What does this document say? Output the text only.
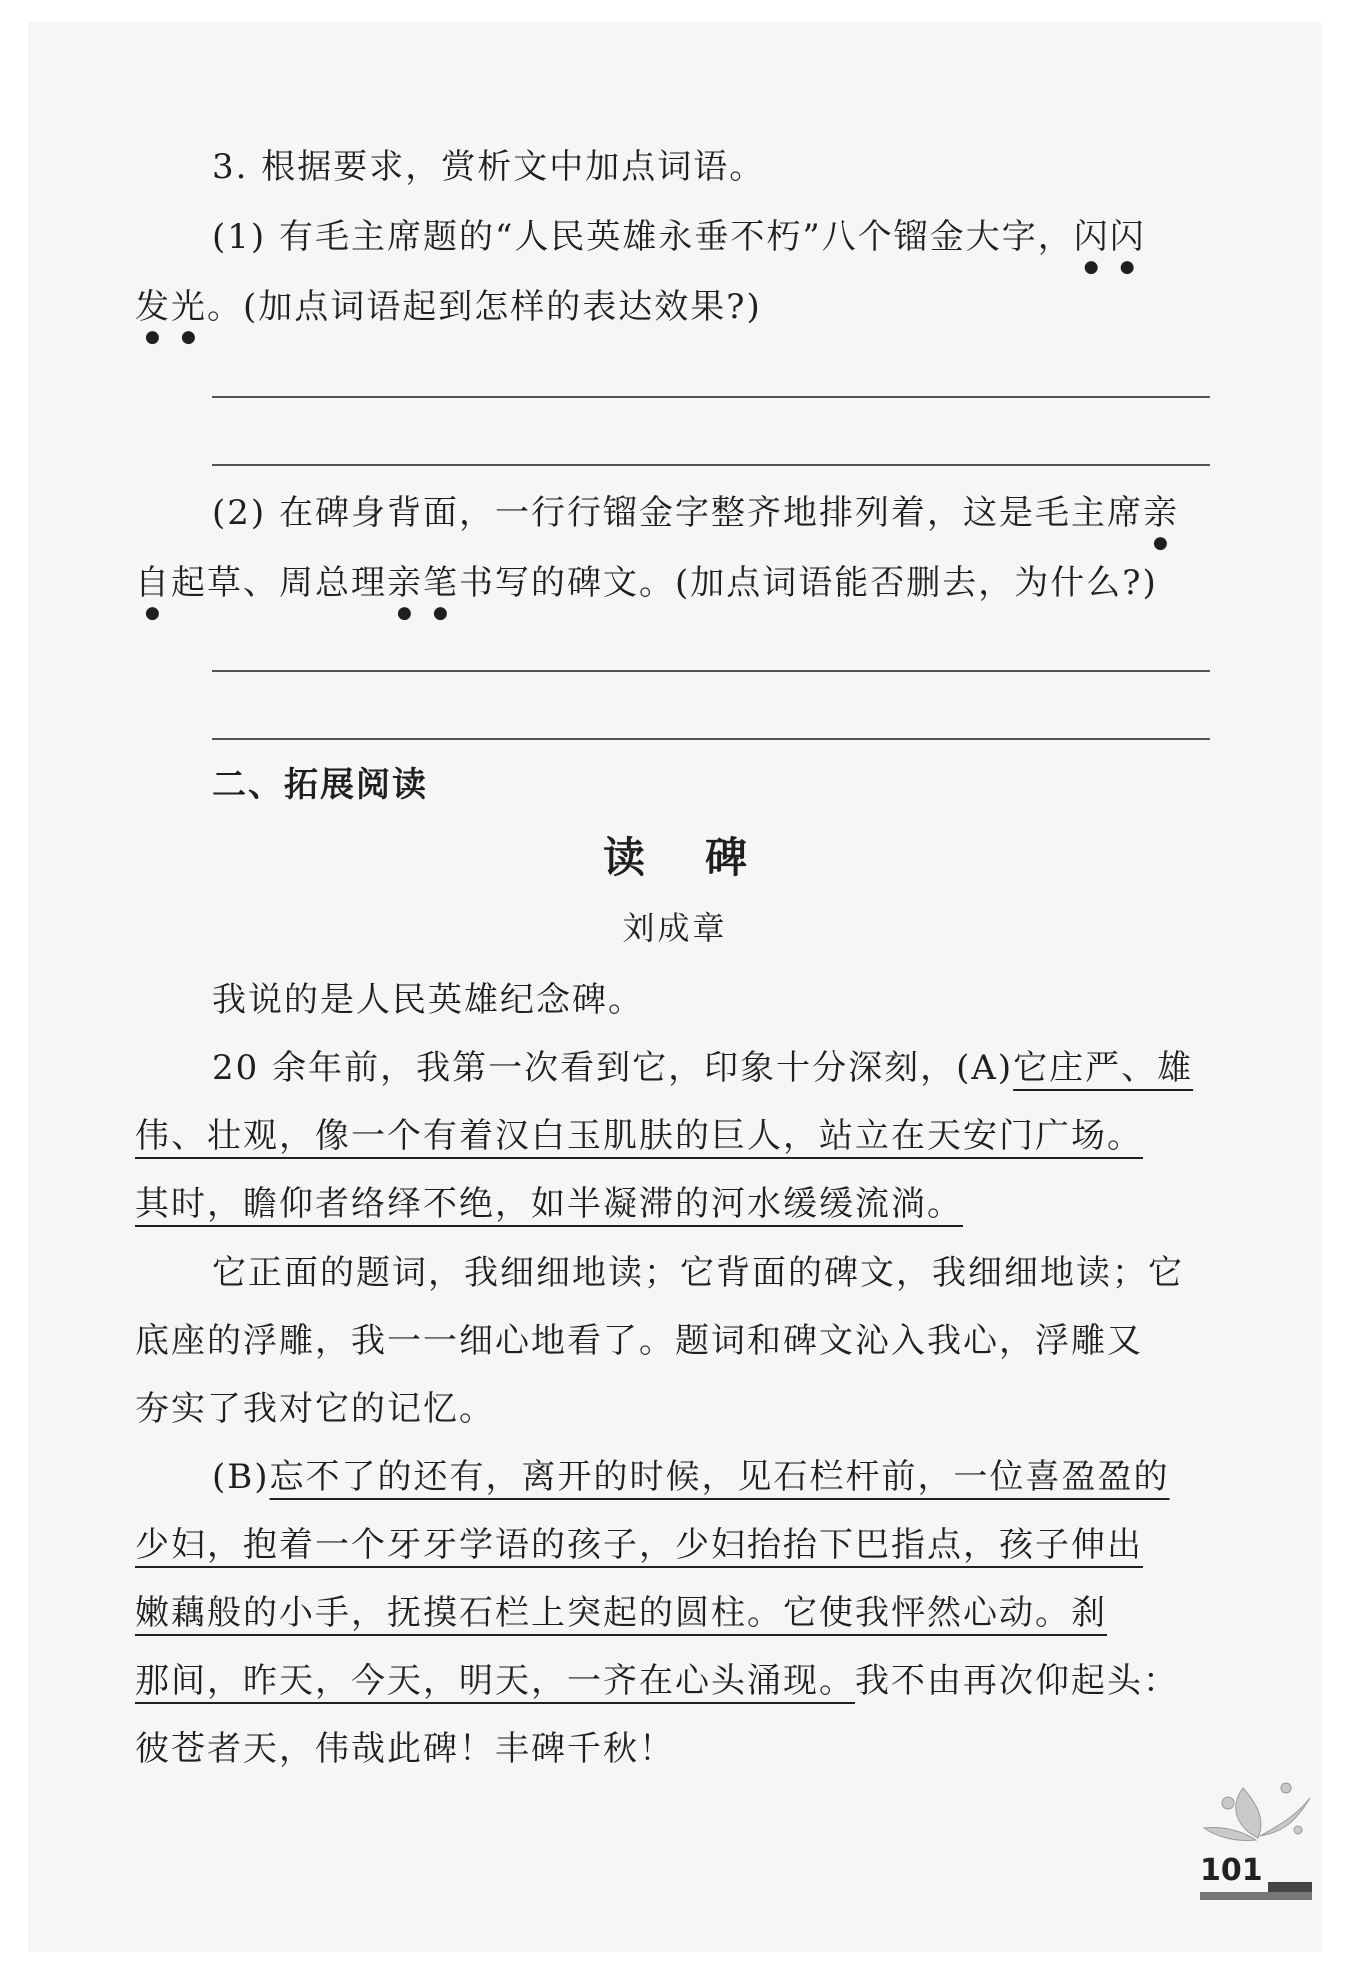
3. 根据要求，赏析文中加点词语。
(1) 有毛主席题的“人民英雄永垂不朽”八个镏金大字，闪闪
发光。(加点词语起到怎样的表达效果?)
(2) 在碑身背面，一行行镏金字整齐地排列着，这是毛主席亲
自起草、周总理亲笔书写的碑文。(加点词语能否删去，为什么?)
二、拓展阅读
读碑
刘成章
我说的是人民英雄纪念碑。
20 余年前，我第一次看到它，印象十分深刻，(A)它庄严、雄
伟、壮观，像一个有着汉白玉肌肤的巨人，站立在天安门广场。
其时，瞻仰者络绎不绝，如半凝滞的河水缓缓流淌。
它正面的题词，我细细地读；它背面的碑文，我细细地读；它
底座的浮雕，我一一细心地看了。题词和碑文沁入我心，浮雕又
夯实了我对它的记忆。
(B)忘不了的还有，离开的时候，见石栏杆前，一位喜盈盈的
少妇，抱着一个牙牙学语的孩子，少妇抬抬下巴指点，孩子伸出
嫩藕般的小手，抚摸石栏上突起的圆柱。它使我怦然心动。刹
那间，昨天，今天，明天，一齐在心头涌现。我不由再次仰起头：
彼苍者天，伟哉此碑！丰碑千秋！
101
